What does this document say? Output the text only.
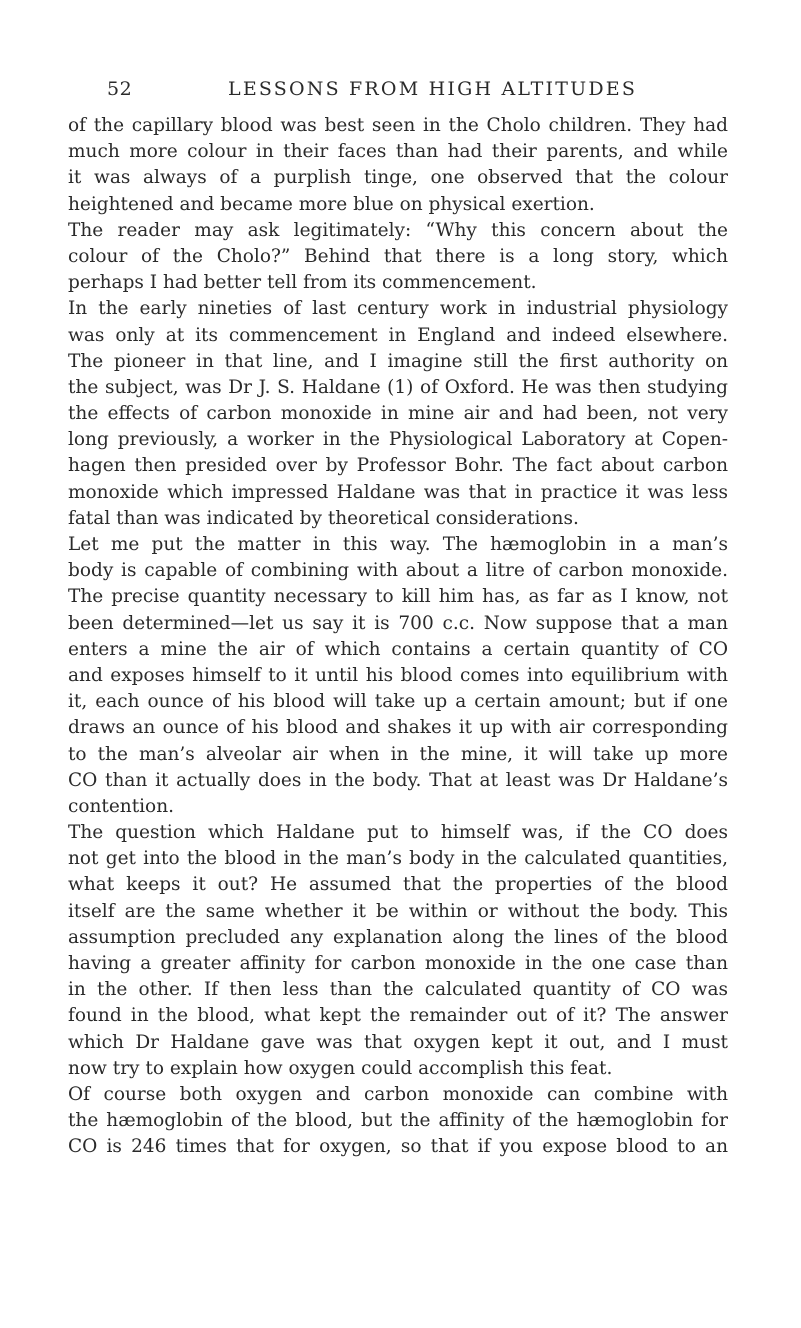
52	LESSONS FROM HIGH ALTITUDES
of the capillary blood was best seen in the Cholo children. They had
much more colour in their faces than had their parents, and while
it was always of a purplish tinge, one observed that the colour
heightened and became more blue on physical exertion.
The reader may ask legitimately: “Why this concern about the
colour of the Cholo?” Behind that there is a long story, which
perhaps I had better tell from its commencement.
In the early nineties of last century work in industrial physiology
was only at its commencement in England and indeed elsewhere.
The pioneer in that line, and I imagine still the first authority on
the subject, was Dr J. S. Haldane (1) of Oxford. He was then studying
the effects of carbon monoxide in mine air and had been, not very
long previously, a worker in the Physiological Laboratory at Copen-
hagen then presided over by Professor Bohr. The fact about carbon
monoxide which impressed Haldane was that in practice it was less
fatal than was indicated by theoretical considerations.
Let me put the matter in this way. The hæmoglobin in a man’s
body is capable of combining with about a litre of carbon monoxide.
The precise quantity necessary to kill him has, as far as I know, not
been determined—let us say it is 700 c.c. Now suppose that a man
enters a mine the air of which contains a certain quantity of CO
and exposes himself to it until his blood comes into equilibrium with
it, each ounce of his blood will take up a certain amount; but if one
draws an ounce of his blood and shakes it up with air corresponding
to the man’s alveolar air when in the mine, it will take up more
CO than it actually does in the body. That at least was Dr Haldane’s
contention.
The question which Haldane put to himself was, if the CO does
not get into the blood in the man’s body in the calculated quantities,
what keeps it out? He assumed that the properties of the blood
itself are the same whether it be within or without the body. This
assumption precluded any explanation along the lines of the blood
having a greater affinity for carbon monoxide in the one case than
in the other. If then less than the calculated quantity of CO was
found in the blood, what kept the remainder out of it? The answer
which Dr Haldane gave was that oxygen kept it out, and I must
now try to explain how oxygen could accomplish this feat.
Of course both oxygen and carbon monoxide can combine with
the hæmoglobin of the blood, but the affinity of the hæmoglobin for
CO is 246 times that for oxygen, so that if you expose blood to an
